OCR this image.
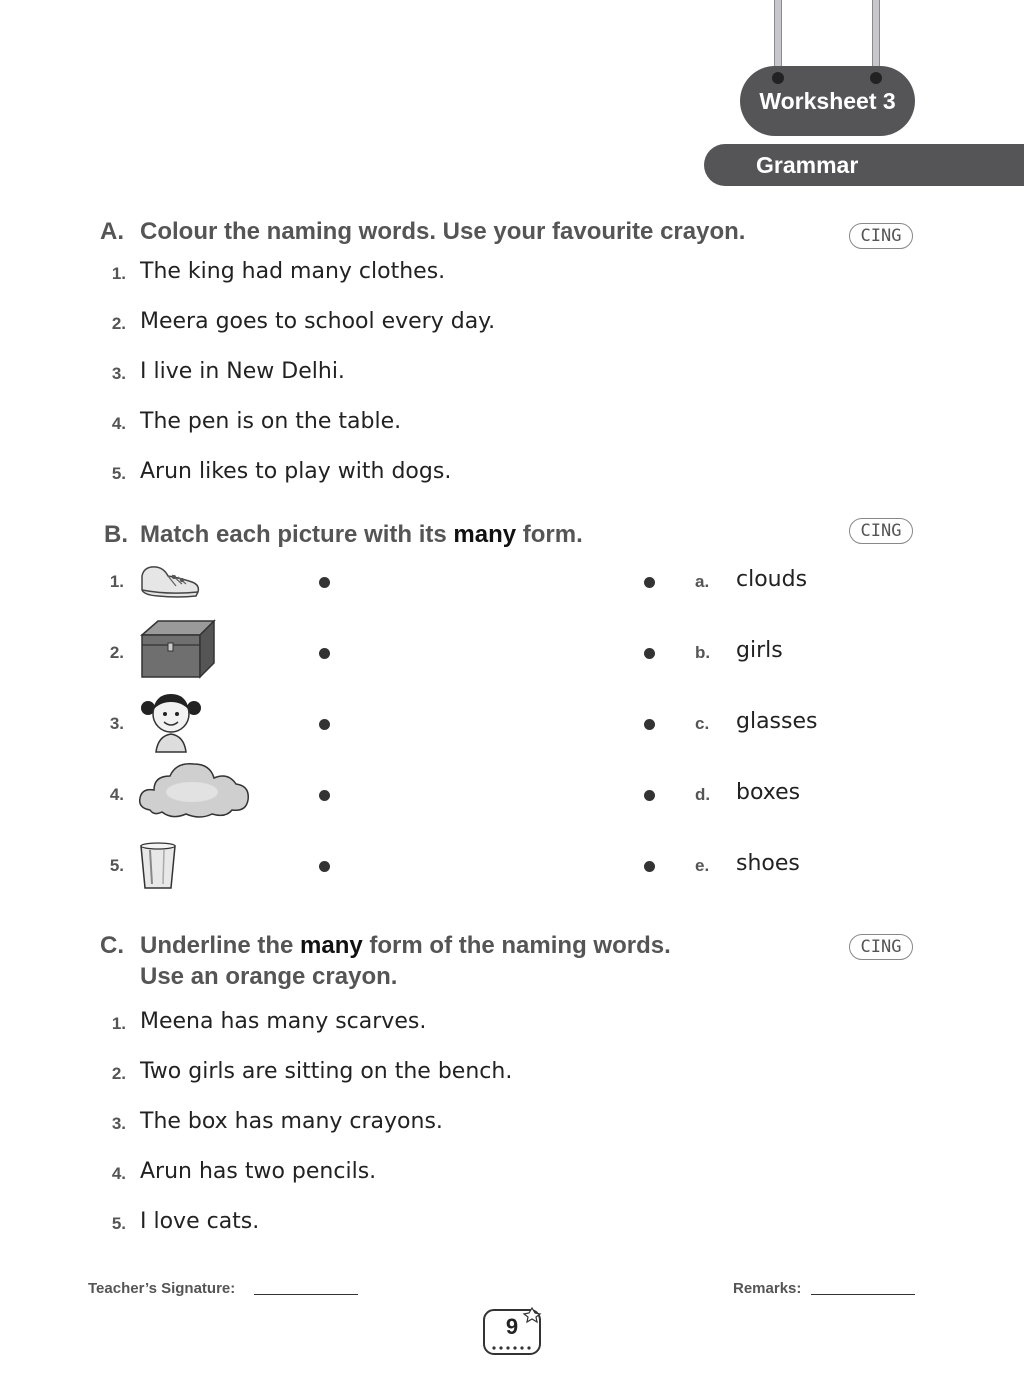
Worksheet 3
Grammar
A. Colour the naming words. Use your favourite crayon.	CING
1. The king had many clothes.
2. Meera goes to school every day.
3. I live in New Delhi.
4. The pen is on the table.
5. Arun likes to play with dogs.
B. Match each picture with its many form.	CING
1.	a. clouds
2.	b. girls
3.	c. glasses
4.	d. boxes
5.	e. shoes
C. Underline the many form of the naming words.
Use an orange crayon.
CING
1. Meena has many scarves.
2. Two girls are sitting on the bench.
3. The box has many crayons.
4. Arun has two pencils.
5. I love cats.
Teacher’s Signature:	Remarks:
9
